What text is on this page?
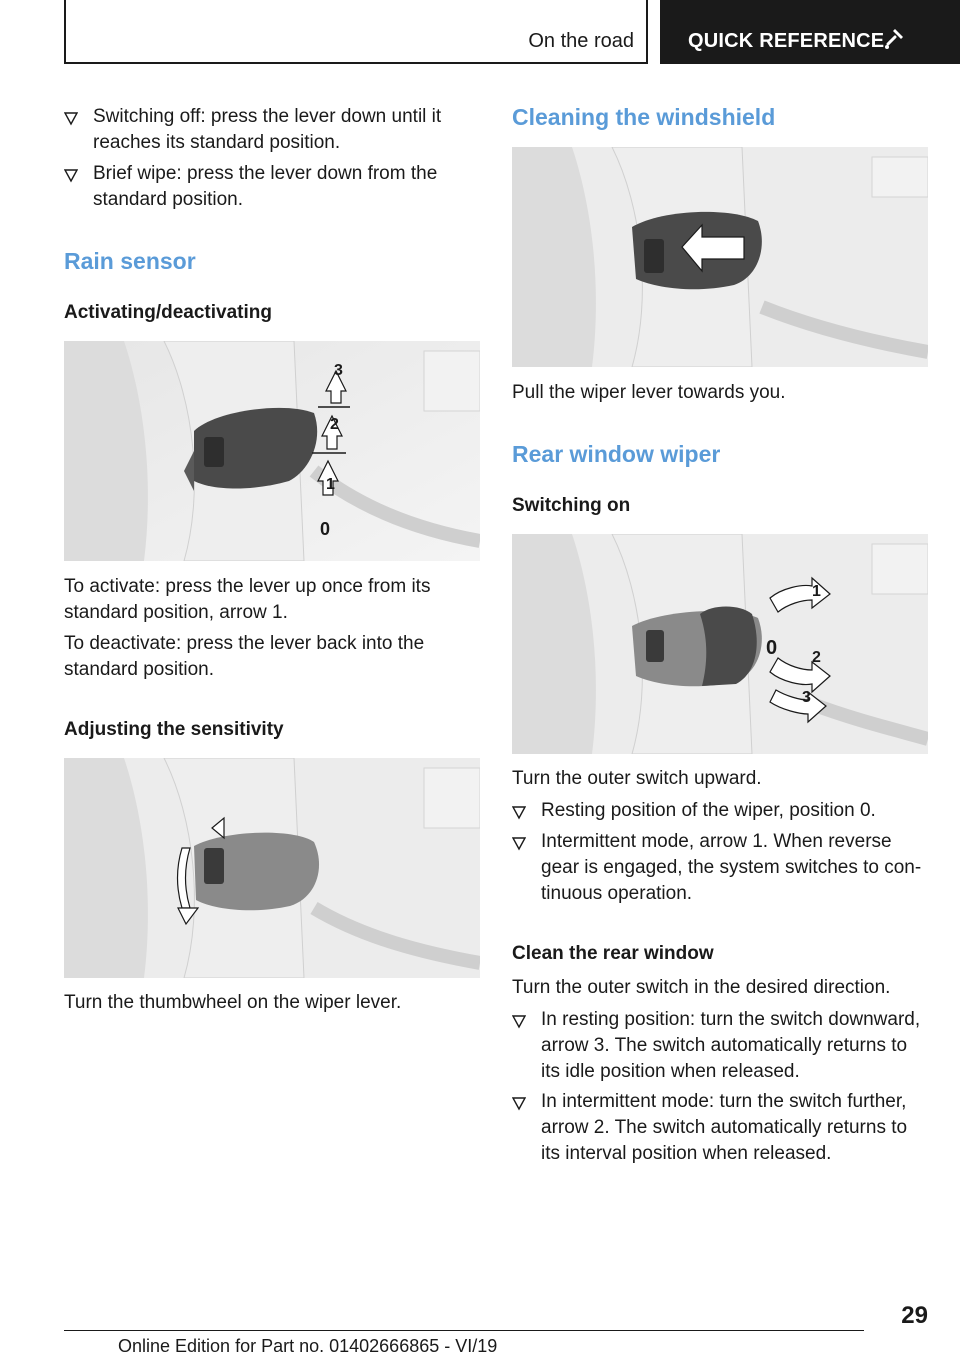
On the road	QUICK REFERENCE
Switching off: press the lever down until it reaches its standard position.
Brief wipe: press the lever down from the standard position.
Rain sensor
Activating/deactivating
3
2
1
0
To activate: press the lever up once from its standard position, arrow 1.
To deactivate: press the lever back into the standard position.
Adjusting the sensitivity
Turn the thumbwheel on the wiper lever.
Cleaning the windshield
Pull the wiper lever towards you.
Rear window wiper
Switching on
1
0 2
3
Turn the outer switch upward.
Resting position of the wiper, position 0.
Intermittent mode, arrow 1. When reverse gear is engaged, the system switches to con-tinuous operation.
Clean the rear window
Turn the outer switch in the desired direction.
In resting position: turn the switch downward, arrow 3. The switch automatically returns to its idle position when released.
In intermittent mode: turn the switch further, arrow 2. The switch automatically returns to its interval position when released.
29
Online Edition for Part no. 01402666865 - VI/19
